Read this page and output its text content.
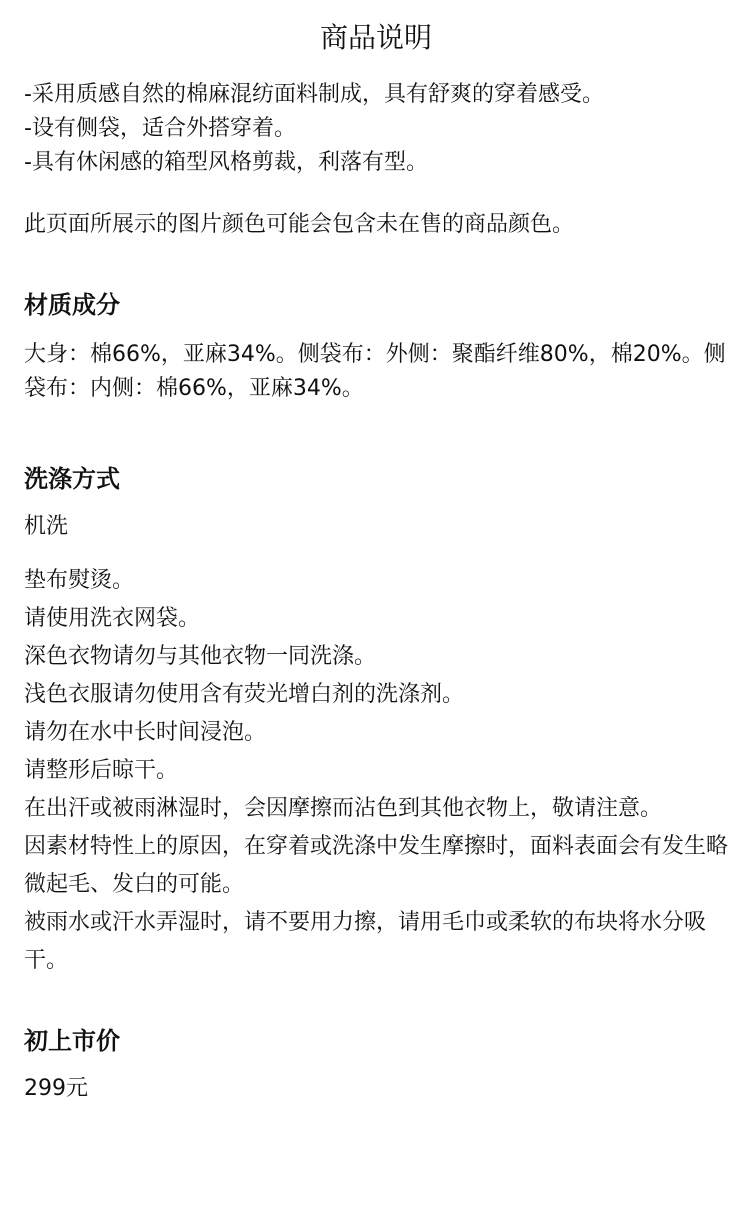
商品说明
-采用质感自然的棉麻混纺面料制成，具有舒爽的穿着感受。
-设有侧袋，适合外搭穿着。
-具有休闲感的箱型风格剪裁，利落有型。

此页面所展示的图片颜色可能会包含未在售的商品颜色。

材质成分

大身：棉66%，亚麻34%。侧袋布：外侧：聚酯纤维80%，棉20%。侧袋布：内侧：棉66%，亚麻34%。

洗涤方式

机洗

垫布熨烫。
请使用洗衣网袋。
深色衣物请勿与其他衣物一同洗涤。
浅色衣服请勿使用含有荧光增白剂的洗涤剂。
请勿在水中长时间浸泡。
请整形后晾干。
在出汗或被雨淋湿时，会因摩擦而沾色到其他衣物上，敬请注意。
因素材特性上的原因，在穿着或洗涤中发生摩擦时，面料表面会有发生略微起毛、发白的可能。
被雨水或汗水弄湿时，请不要用力擦，请用毛巾或柔软的布块将水分吸干。
初上市价

299元
